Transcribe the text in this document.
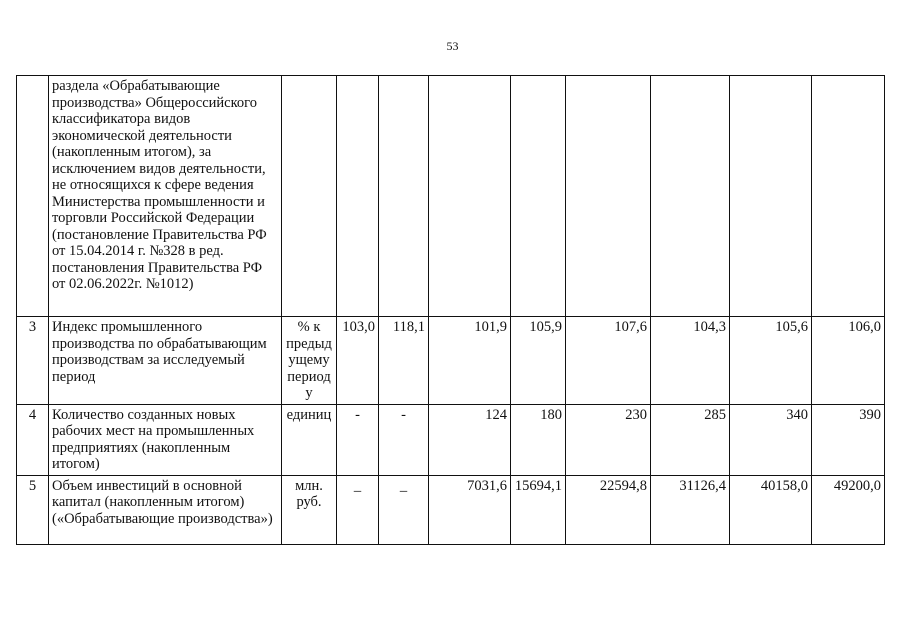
53
	раздела «Обрабатывающие производства» Общероссийского классификатора видов экономической деятельности (накопленным итогом), за исключением видов деятельности, не относящихся к сфере ведения Министерства промышленности и торговли Российской Федерации (постановление Правительства РФ от 15.04.2014 г. №328 в ред. постановления Правительства РФ от 02.06.2022г. №1012)									
3	Индекс промышленного производства по обрабатывающим производствам за исследуемый период	% к предыд ущему период у	103,0	118,1	101,9	105,9	107,6	104,3	105,6	106,0
4	Количество созданных новых рабочих мест на промышленных предприятиях (накопленным итогом)	единиц	-	-	124	180	230	285	340	390
5	Объем инвестиций в основной капитал (накопленным итогом) («Обрабатывающие производства»)	млн. руб.	_	_	7031,6	15694,1	22594,8	31126,4	40158,0	49200,0
